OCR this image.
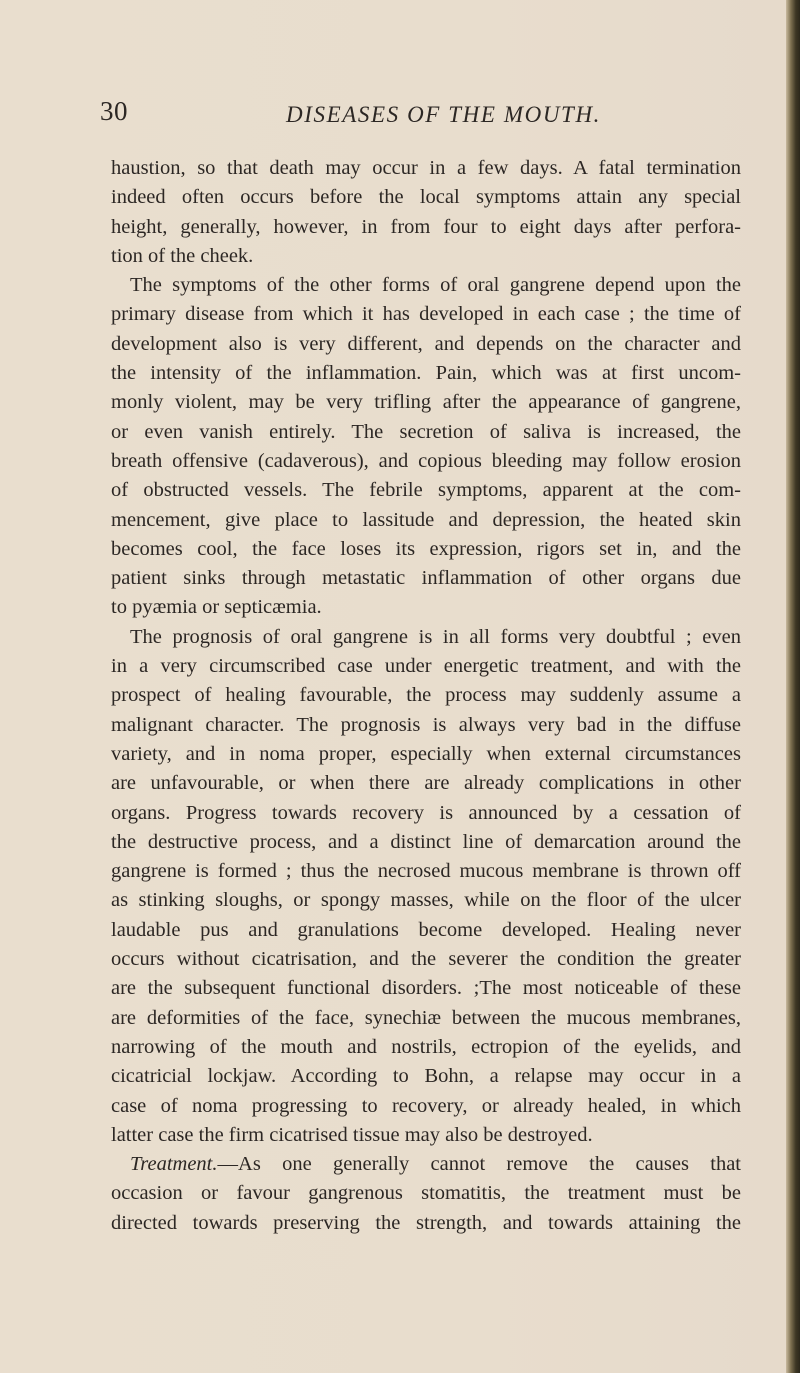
30	DISEASES OF THE MOUTH.
haustion, so that death may occur in a few days. A fatal termination
indeed often occurs before the local symptoms attain any special
height, generally, however, in from four to eight days after perfora-
tion of the cheek.
The symptoms of the other forms of oral gangrene depend upon the
primary disease from which it has developed in each case ; the time of
development also is very different, and depends on the character and
the intensity of the inflammation. Pain, which was at first uncom-
monly violent, may be very trifling after the appearance of gangrene,
or even vanish entirely. The secretion of saliva is increased, the
breath offensive (cadaverous), and copious bleeding may follow erosion
of obstructed vessels. The febrile symptoms, apparent at the com-
mencement, give place to lassitude and depression, the heated skin
becomes cool, the face loses its expression, rigors set in, and the
patient sinks through metastatic inflammation of other organs due
to pyæmia or septicæmia.
The prognosis of oral gangrene is in all forms very doubtful ; even
in a very circumscribed case under energetic treatment, and with the
prospect of healing favourable, the process may suddenly assume a
malignant character. The prognosis is always very bad in the diffuse
variety, and in noma proper, especially when external circumstances
are unfavourable, or when there are already complications in other
organs. Progress towards recovery is announced by a cessation of
the destructive process, and a distinct line of demarcation around the
gangrene is formed ; thus the necrosed mucous membrane is thrown off
as stinking sloughs, or spongy masses, while on the floor of the ulcer
laudable pus and granulations become developed. Healing never
occurs without cicatrisation, and the severer the condition the greater
are the subsequent functional disorders. ;The most noticeable of these
are deformities of the face, synechiæ between the mucous membranes,
narrowing of the mouth and nostrils, ectropion of the eyelids, and
cicatricial lockjaw. According to Bohn, a relapse may occur in a
case of noma progressing to recovery, or already healed, in which
latter case the firm cicatrised tissue may also be destroyed.
Treatment.—As one generally cannot remove the causes that
occasion or favour gangrenous stomatitis, the treatment must be
directed towards preserving the strength, and towards attaining the
